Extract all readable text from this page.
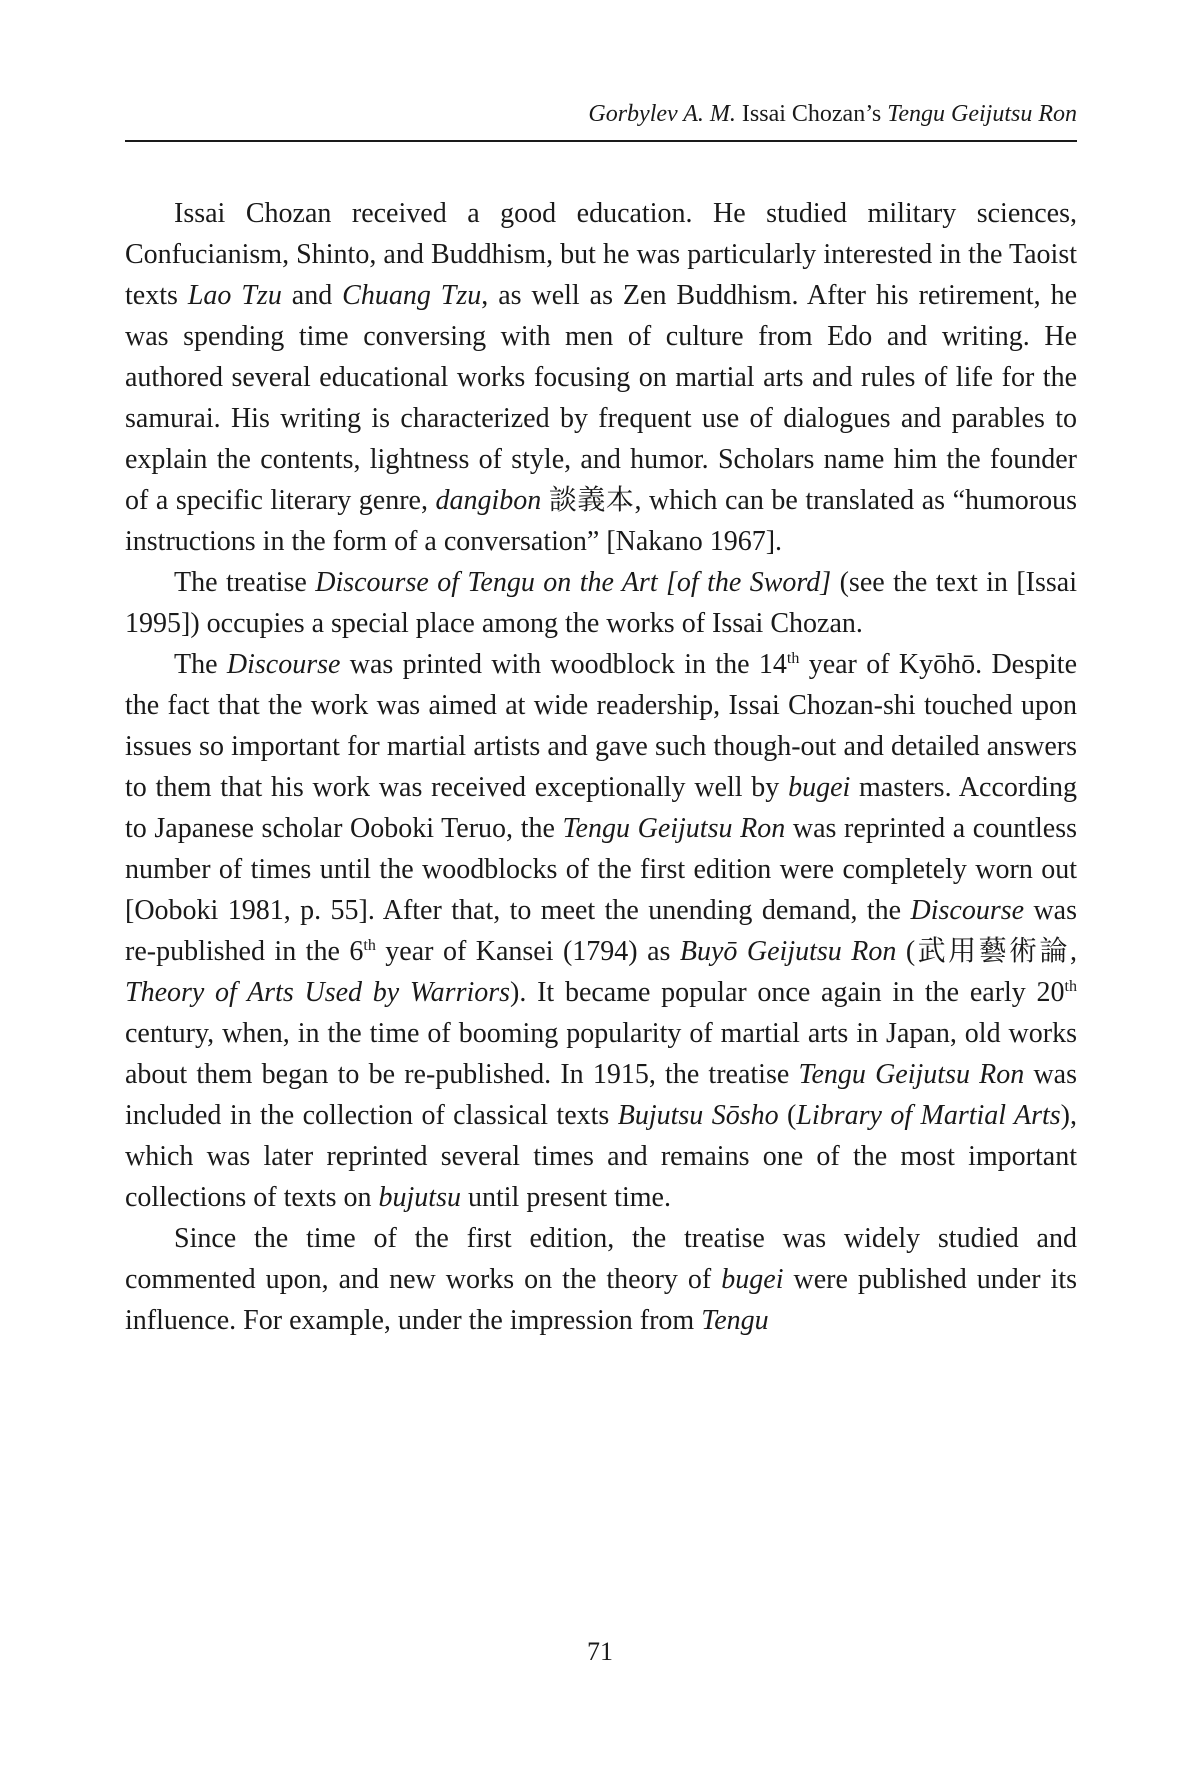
Gorbylev A. M. Issai Chozan’s Tengu Geijutsu Ron

Issai Chozan received a good education. He studied military sciences, Confucianism, Shinto, and Buddhism, but he was particularly interested in the Taoist texts Lao Tzu and Chuang Tzu, as well as Zen Buddhism. After his retirement, he was spending time conversing with men of culture from Edo and writing. He authored several educational works focusing on martial arts and rules of life for the samurai. His writing is characterized by frequent use of dialogues and parables to explain the contents, lightness of style, and humor. Scholars name him the founder of a specific literary genre, dangibon 談義本, which can be translated as “humorous instructions in the form of a conversation” [Nakano 1967].

The treatise Discourse of Tengu on the Art [of the Sword] (see the text in [Issai 1995]) occupies a special place among the works of Issai Chozan.

The Discourse was printed with woodblock in the 14th year of Kyōhō. Despite the fact that the work was aimed at wide readership, Issai Chozan-shi touched upon issues so important for martial artists and gave such though-out and detailed answers to them that his work was received exceptionally well by bugei masters. According to Japanese scholar Ooboki Teruo, the Tengu Geijutsu Ron was reprinted a countless number of times until the woodblocks of the first edition were completely worn out [Ooboki 1981, p. 55]. After that, to meet the unending demand, the Discourse was re-published in the 6th year of Kansei (1794) as Buyō Geijutsu Ron (武用藝術論, Theory of Arts Used by Warriors). It became popular once again in the early 20th century, when, in the time of booming popularity of martial arts in Japan, old works about them began to be re-published. In 1915, the treatise Tengu Geijutsu Ron was included in the collection of classical texts Bujutsu Sōsho (Library of Martial Arts), which was later reprinted several times and remains one of the most important collections of texts on bujutsu until present time.

Since the time of the first edition, the treatise was widely studied and commented upon, and new works on the theory of bugei were published under its influence. For example, under the impression from Tengu

71
